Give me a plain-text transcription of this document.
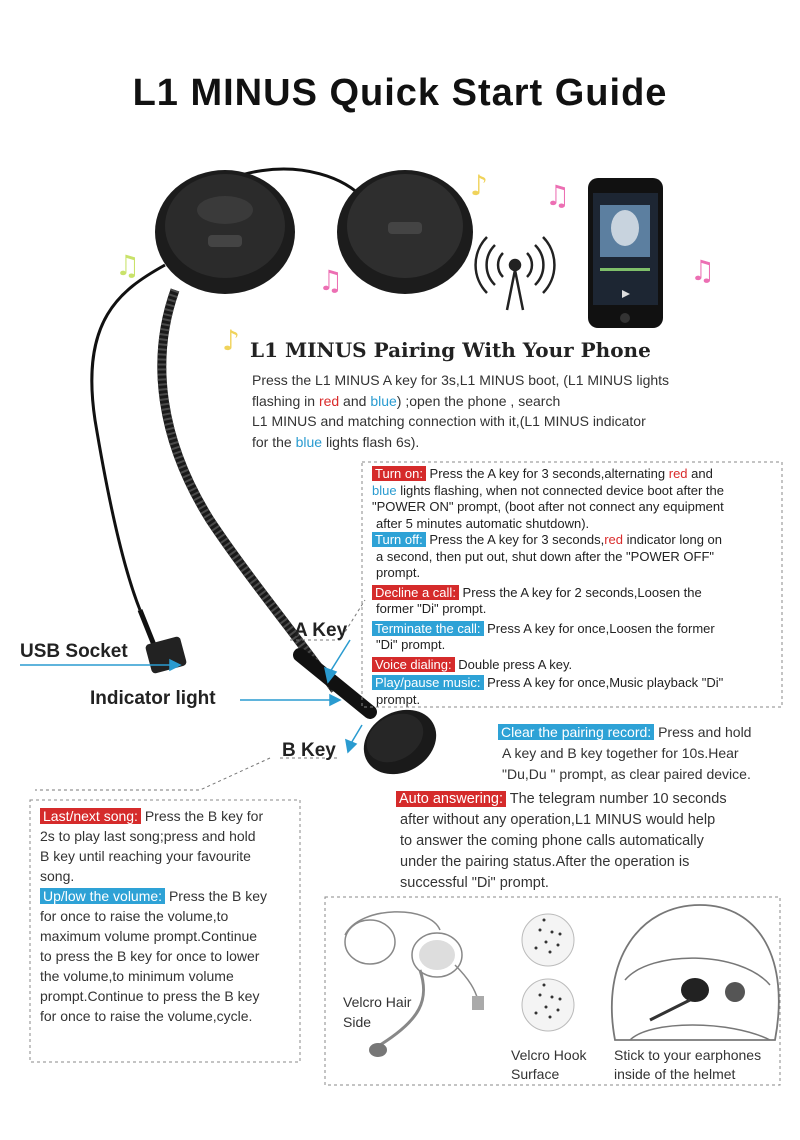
♫	♫
♪ ♫
♫
♪
L1 MINUS Quick Start Guide
L1 MINUS Pairing With Your Phone
Press the L1 MINUS A key for 3s,L1 MINUS boot, (L1 MINUS lights
flashing in red and blue) ;open the phone , search
L1 MINUS and matching connection with it,(L1 MINUS indicator
for the blue lights flash 6s).
Turn on: Press the A key for 3 seconds,alternating red and
blue lights flashing, when not connected device boot after the
"POWER ON" prompt, (boot after not connect any equipment
after 5 minutes automatic shutdown).
Turn off: Press the A key for 3 seconds,red indicator long on
a second, then put out, shut down after the "POWER OFF"
prompt.
Decline a call: Press the A key for 2 seconds,Loosen the
former "Di" prompt.
Terminate the call: Press A key for once,Loosen the former
"Di" prompt.
Voice dialing: Double press A key.
Play/pause music: Press A key for once,Music playback "Di"
prompt.
USB Socket
Indicator light
A Key
B Key
Clear the pairing record: Press and hold
A key and B key together for 10s.Hear
"Du,Du " prompt, as clear paired device.
Auto answering: The telegram number 10 seconds
after without any operation,L1 MINUS would help
to answer the coming phone calls automatically
under the pairing status.After the operation is
successful "Di" prompt.
Last/next song: Press the B key for
2s to play last song;press and hold
B key until reaching your favourite
song.
Up/low the volume: Press the B key
for once to raise the volume,to
maximum volume prompt.Continue
to press the B key for once to lower
the volume,to minimum volume
prompt.Continue to press the B key
for once to raise the volume,cycle.
Velcro Hair
Side
Velcro Hook
Surface
Stick to your earphones
inside of the helmet
